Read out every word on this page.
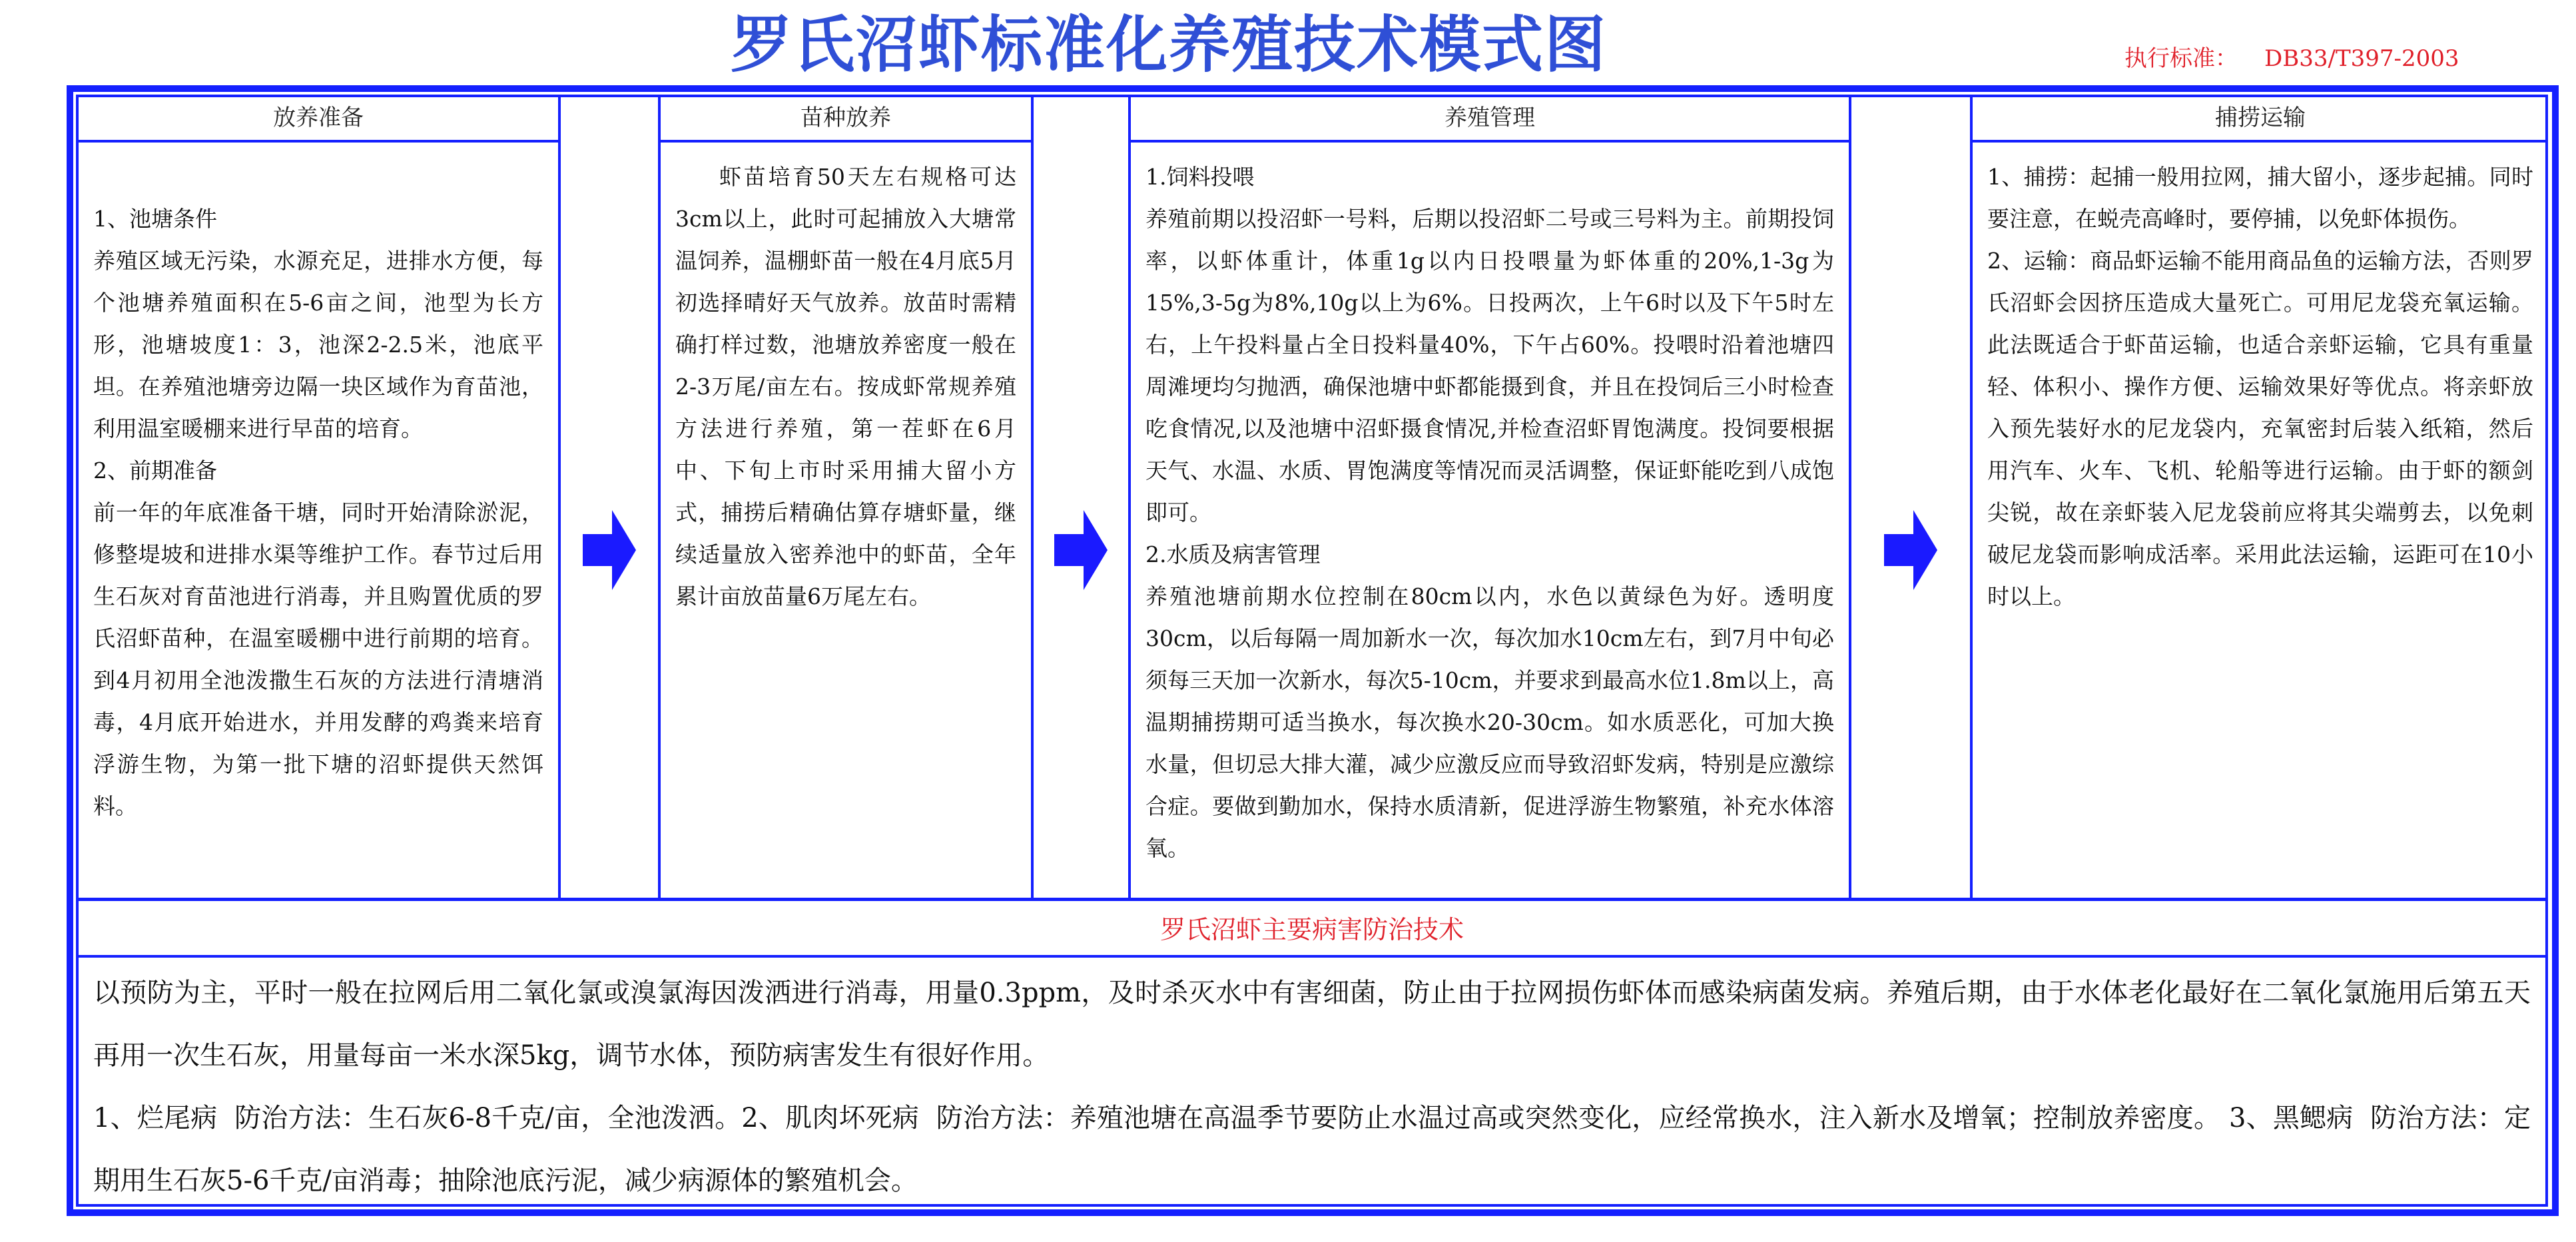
罗氏沼虾标准化养殖技术模式图	执行标准： DB33/T397-2003
放养准备

1、池塘条件

养殖区域无污染，水源充足，进排水方便，每个池塘养殖面积在5-6亩之间，池型为长方形，池塘坡度1：3，池深2-2.5米，池底平坦。在养殖池塘旁边隔一块区域作为育苗池，利用温室暖棚来进行早苗的培育。

2、前期准备

前一年的年底准备干塘，同时开始清除淤泥，修整堤坡和进排水渠等维护工作。春节过后用生石灰对育苗池进行消毒，并且购置优质的罗氏沼虾苗种，在温室暖棚中进行前期的培育。到4月初用全池泼撒生石灰的方法进行清塘消毒，4月底开始进水，并用发酵的鸡粪来培育浮游生物，为第一批下塘的沼虾提供天然饵料。

苗种放养

虾苗培育50天左右规格可达3cm以上，此时可起捕放入大塘常温饲养，温棚虾苗一般在4月底5月初选择晴好天气放养。放苗时需精确打样过数，池塘放养密度一般在2-3万尾/亩左右。按成虾常规养殖方法进行养殖，第一茬虾在6月中、下旬上市时采用捕大留小方式，捕捞后精确估算存塘虾量，继续适量放入密养池中的虾苗，全年累计亩放苗量6万尾左右。

养殖管理

1.饲料投喂

养殖前期以投沼虾一号料，后期以投沼虾二号或三号料为主。前期投饲率，以虾体重计，体重1g以内日投喂量为虾体重的20%,1-3g为15%,3-5g为8%,10g以上为6%。日投两次，上午6时以及下午5时左右，上午投料量占全日投料量40%，下午占60%。投喂时沿着池塘四周滩埂均匀抛洒，确保池塘中虾都能摄到食，并且在投饲后三小时检查吃食情况,以及池塘中沼虾摄食情况,并检查沼虾胃饱满度。投饲要根据天气、水温、水质、胃饱满度等情况而灵活调整，保证虾能吃到八成饱即可。

2.水质及病害管理

养殖池塘前期水位控制在80cm以内，水色以黄绿色为好。透明度30cm，以后每隔一周加新水一次，每次加水10cm左右，到7月中旬必须每三天加一次新水，每次5-10cm，并要求到最高水位1.8m以上，高温期捕捞期可适当换水，每次换水20-30cm。如水质恶化，可加大换水量，但切忌大排大灌，减少应激反应而导致沼虾发病，特别是应激综合症。要做到勤加水，保持水质清新，促进浮游生物繁殖，补充水体溶氧。

捕捞运输

1、捕捞：起捕一般用拉网，捕大留小，逐步起捕。同时要注意，在蜕壳高峰时，要停捕，以免虾体损伤。

2、运输：商品虾运输不能用商品鱼的运输方法，否则罗氏沼虾会因挤压造成大量死亡。可用尼龙袋充氧运输。此法既适合于虾苗运输，也适合亲虾运输，它具有重量轻、体积小、操作方便、运输效果好等优点。将亲虾放入预先装好水的尼龙袋内，充氧密封后装入纸箱，然后用汽车、火车、飞机、轮船等进行运输。由于虾的额剑尖锐，故在亲虾装入尼龙袋前应将其尖端剪去，以免刺破尼龙袋而影响成活率。采用此法运输，运距可在10小时以上。

罗氏沼虾主要病害防治技术

以预防为主，平时一般在拉网后用二氧化氯或溴氯海因泼洒进行消毒，用量0.3ppm，及时杀灭水中有害细菌，防止由于拉网损伤虾体而感染病菌发病。养殖后期，由于水体老化最好在二氧化氯施用后第五天再用一次生石灰，用量每亩一米水深5kg，调节水体，预防病害发生有很好作用。

1、烂尾病  防治方法：生石灰6-8千克/亩，全池泼洒。2、肌肉坏死病  防治方法：养殖池塘在高温季节要防止水温过高或突然变化，应经常换水，注入新水及增氧；控制放养密度。 3、黑鳃病  防治方法：定期用生石灰5-6千克/亩消毒；抽除池底污泥，减少病源体的繁殖机会。
